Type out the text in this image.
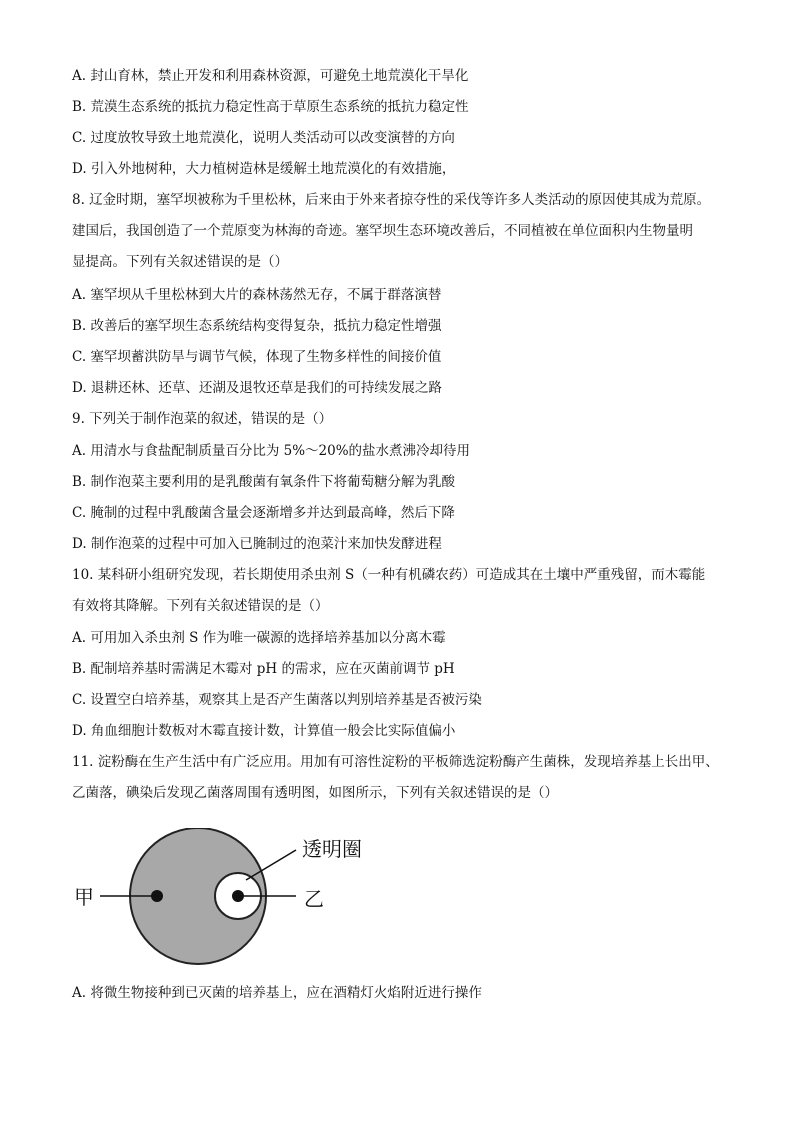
A. 封山育林，禁止开发和利用森林资源，可避免土地荒漠化干旱化
B. 荒漠生态系统的抵抗力稳定性高于草原生态系统的抵抗力稳定性
C. 过度放牧导致土地荒漠化，说明人类活动可以改变演替的方向
D. 引入外地树种，大力植树造林是缓解土地荒漠化的有效措施，
8. 辽金时期，塞罕坝被称为千里松林，后来由于外来者掠夺性的采伐等许多人类活动的原因使其成为荒原。
建国后，我国创造了一个荒原变为林海的奇迹。塞罕坝生态环境改善后，不同植被在单位面积内生物量明
显提高。下列有关叙述错误的是（）
A. 塞罕坝从千里松林到大片的森林荡然无存，不属于群落演替
B. 改善后的塞罕坝生态系统结构变得复杂，抵抗力稳定性增强
C. 塞罕坝蓄洪防旱与调节气候，体现了生物多样性的间接价值
D. 退耕还林、还草、还湖及退牧还草是我们的可持续发展之路
9. 下列关于制作泡菜的叙述，错误的是（）
A. 用清水与食盐配制质量百分比为 5%～20%的盐水煮沸冷却待用
B. 制作泡菜主要利用的是乳酸菌有氧条件下将葡萄糖分解为乳酸
C. 腌制的过程中乳酸菌含量会逐渐增多并达到最高峰，然后下降
D. 制作泡菜的过程中可加入已腌制过的泡菜汁来加快发酵进程
10. 某科研小组研究发现，若长期使用杀虫剂 S（一种有机磷农药）可造成其在土壤中严重残留，而木霉能
有效将其降解。下列有关叙述错误的是（）
A. 可用加入杀虫剂 S 作为唯一碳源的选择培养基加以分离木霉
B. 配制培养基时需满足木霉对 pH 的需求，应在灭菌前调节 pH
C. 设置空白培养基，观察其上是否产生菌落以判别培养基是否被污染
D. 角血细胞计数板对木霉直接计数，计算值一般会比实际值偏小
11. 淀粉酶在生产生活中有广泛应用。用加有可溶性淀粉的平板筛选淀粉酶产生菌株，发现培养基上长出甲、
乙菌落，碘染后发现乙菌落周围有透明图，如图所示，下列有关叙述错误的是（）
甲	乙
透明圈
A. 将微生物接种到已灭菌的培养基上，应在酒精灯火焰附近进行操作
